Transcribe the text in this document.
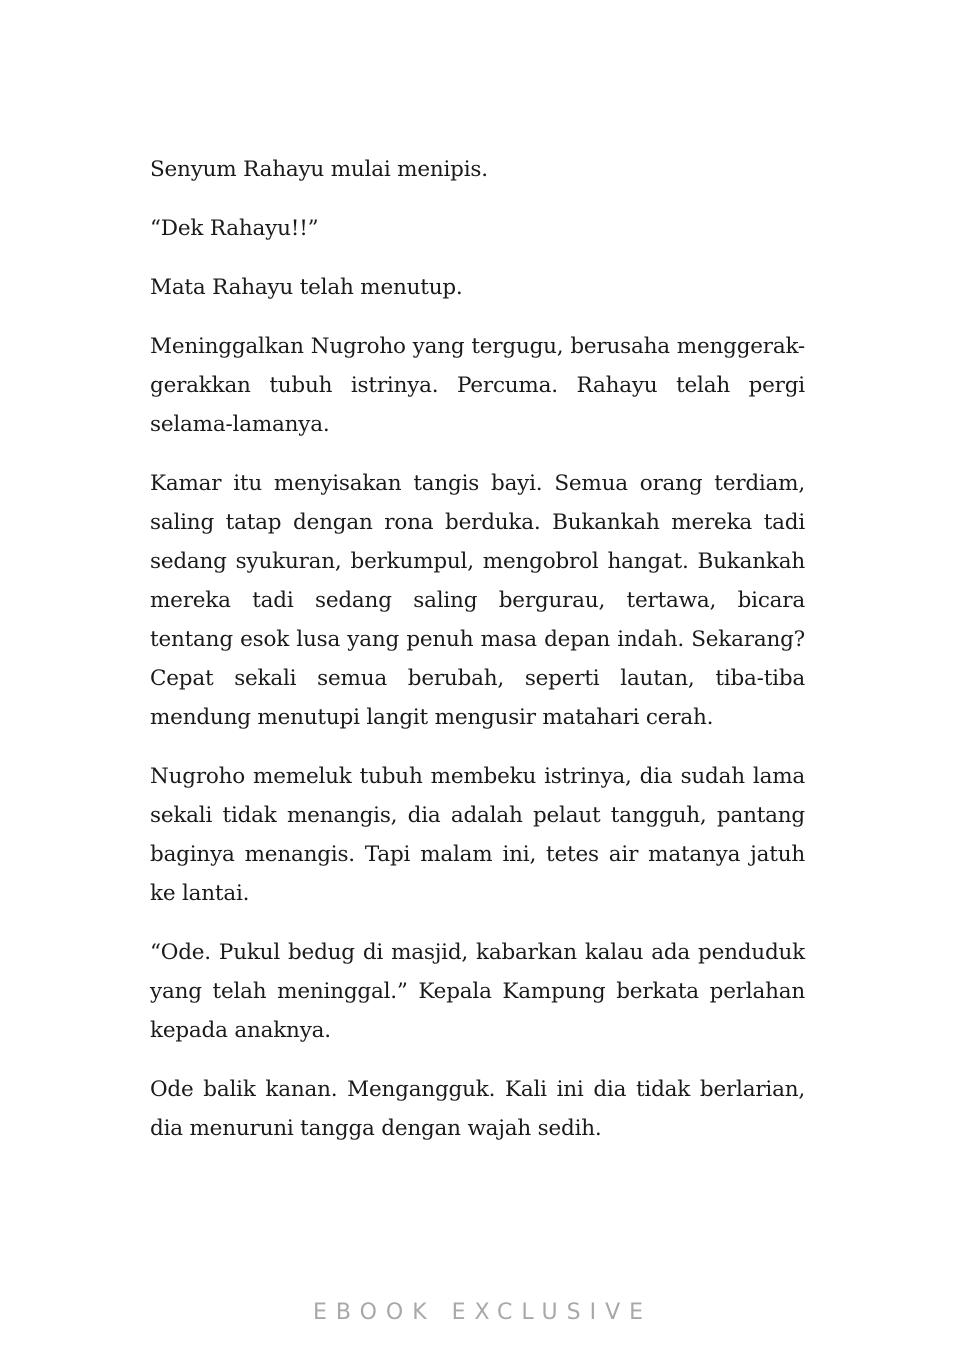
Senyum Rahayu mulai menipis.

“Dek Rahayu!!”

Mata Rahayu telah menutup.

Meninggalkan Nugroho yang tergugu, berusaha menggerak-gerakkan tubuh istrinya. Percuma. Rahayu telah pergi selama-lamanya.

Kamar itu menyisakan tangis bayi. Semua orang terdiam, saling tatap dengan rona berduka. Bukankah mereka tadi sedang syukuran, berkumpul, mengobrol hangat. Bukankah mereka tadi sedang saling bergurau, tertawa, bicara tentang esok lusa yang penuh masa depan indah. Sekarang? Cepat sekali semua berubah, seperti lautan, tiba-tiba mendung menutupi langit mengusir matahari cerah.

Nugroho memeluk tubuh membeku istrinya, dia sudah lama sekali tidak menangis, dia adalah pelaut tangguh, pantang baginya menangis. Tapi malam ini, tetes air matanya jatuh ke lantai.

“Ode. Pukul bedug di masjid, kabarkan kalau ada penduduk yang telah meninggal.” Kepala Kampung berkata perlahan kepada anaknya.

Ode balik kanan. Mengangguk. Kali ini dia tidak berlarian, dia menuruni tangga dengan wajah sedih.

EBOOK EXCLUSIVE
